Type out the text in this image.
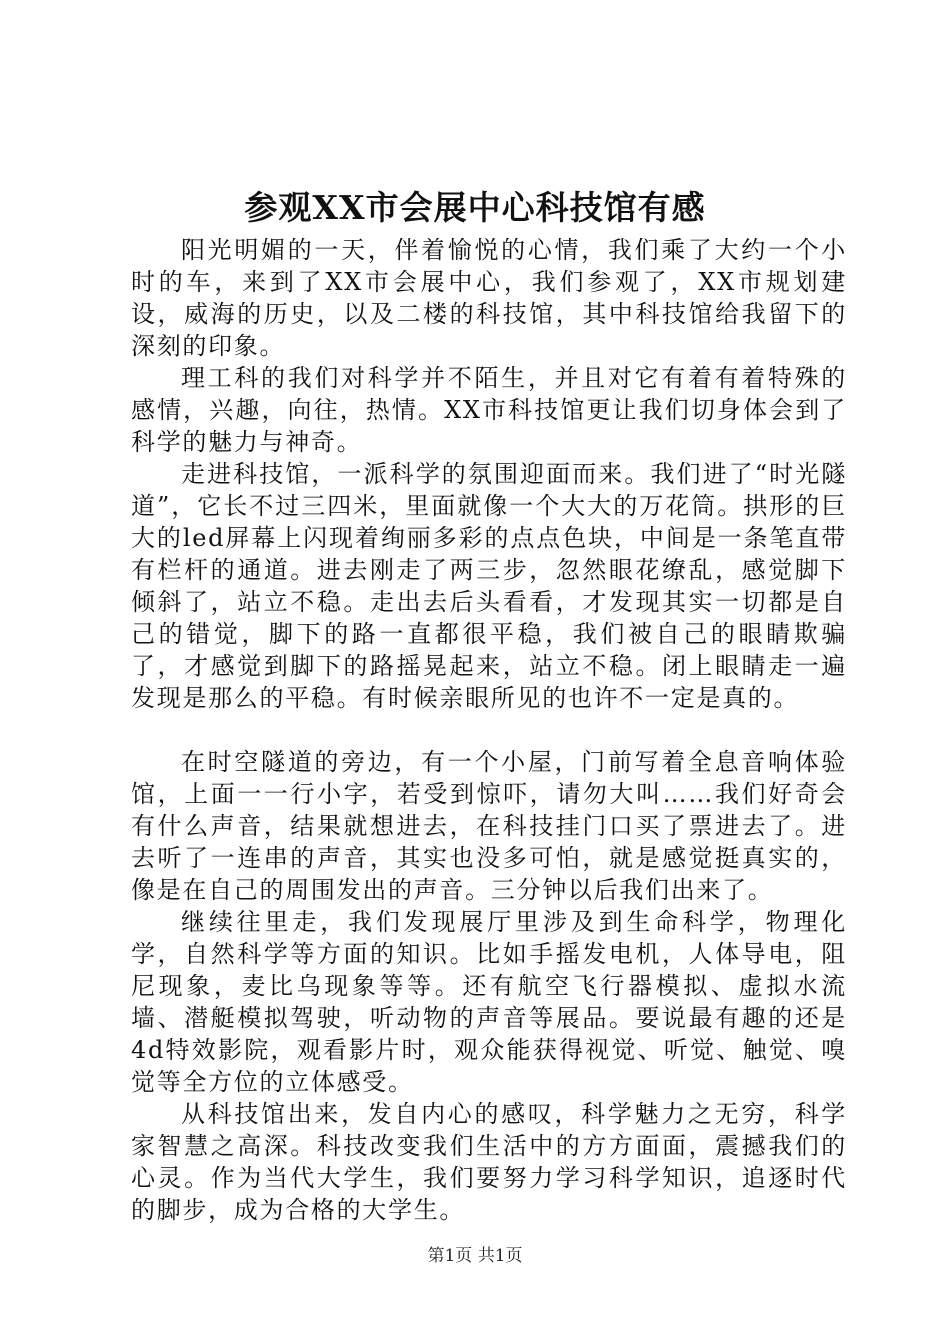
参观XX市会展中心科技馆有感

阳光明媚的一天，伴着愉悦的心情，我们乘了大约一个小时的车，来到了XX市会展中心，我们参观了，XX市规划建设，威海的历史，以及二楼的科技馆，其中科技馆给我留下的深刻的印象。

理工科的我们对科学并不陌生，并且对它有着有着特殊的感情，兴趣，向往，热情。XX市科技馆更让我们切身体会到了科学的魅力与神奇。

走进科技馆，一派科学的氛围迎面而来。我们进了“时光隧道”，它长不过三四米，里面就像一个大大的万花筒。拱形的巨大的led屏幕上闪现着绚丽多彩的点点色块，中间是一条笔直带有栏杆的通道。进去刚走了两三步，忽然眼花缭乱，感觉脚下倾斜了，站立不稳。走出去后头看看，才发现其实一切都是自己的错觉，脚下的路一直都很平稳，我们被自己的眼睛欺骗了，才感觉到脚下的路摇晃起来，站立不稳。闭上眼睛走一遍发现是那么的平稳。有时候亲眼所见的也许不一定是真的。

在时空隧道的旁边，有一个小屋，门前写着全息音响体验馆，上面一一行小字，若受到惊吓，请勿大叫……我们好奇会有什么声音，结果就想进去，在科技挂门口买了票进去了。进去听了一连串的声音，其实也没多可怕，就是感觉挺真实的，像是在自己的周围发出的声音。三分钟以后我们出来了。

继续往里走，我们发现展厅里涉及到生命科学，物理化学，自然科学等方面的知识。比如手摇发电机，人体导电，阻尼现象，麦比乌现象等等。还有航空飞行器模拟、虚拟水流墙、潜艇模拟驾驶，听动物的声音等展品。要说最有趣的还是4d特效影院，观看影片时，观众能获得视觉、听觉、触觉、嗅觉等全方位的立体感受。

从科技馆出来，发自内心的感叹，科学魅力之无穷，科学家智慧之高深。科技改变我们生活中的方方面面，震撼我们的心灵。作为当代大学生，我们要努力学习科学知识，追逐时代的脚步，成为合格的大学生。

第1页 共1页
